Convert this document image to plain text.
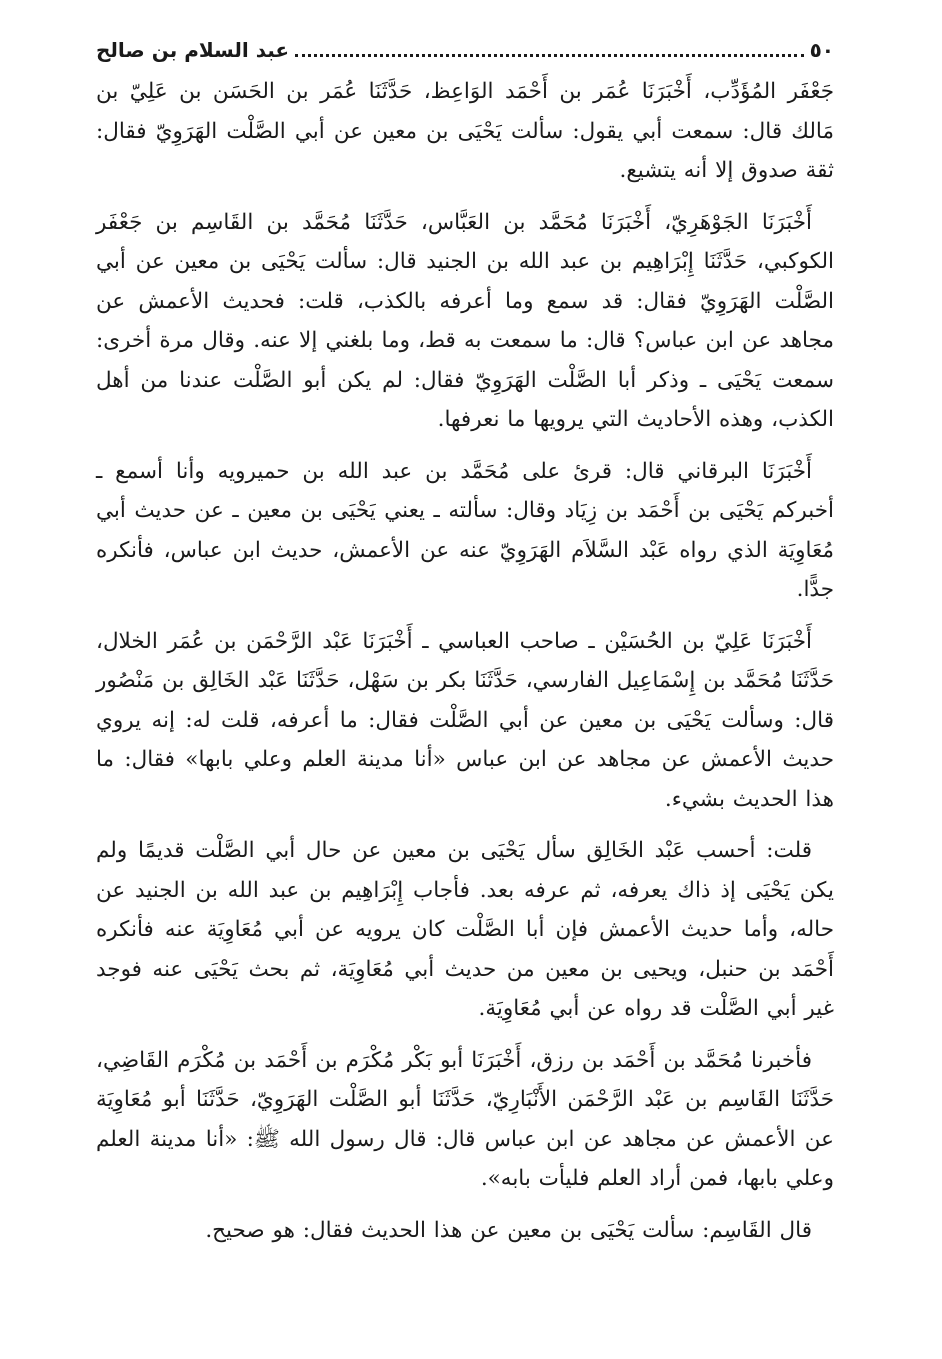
٥٠
عبد السلام بن صالح

جَعْفَر المُؤَدِّب، أَخْبَرَنَا عُمَر بن أَحْمَد الوَاعِظ، حَدَّثَنَا عُمَر بن الحَسَن بن عَلِيّ بن مَالك قال: سمعت أبي يقول: سألت يَحْيَى بن معين عن أبي الصَّلْت الهَرَوِيّ فقال: ثقة صدوق إلا أنه يتشيع.

أَخْبَرَنَا الجَوْهَرِيّ، أَخْبَرَنَا مُحَمَّد بن العَبَّاس، حَدَّثَنَا مُحَمَّد بن القَاسِم بن جَعْفَر الكوكبي، حَدَّثَنَا إِبْرَاهِيم بن عبد الله بن الجنيد قال: سألت يَحْيَى بن معين عن أبي الصَّلْت الهَرَوِيّ فقال: قد سمع وما أعرفه بالكذب، قلت: فحديث الأعمش عن مجاهد عن ابن عباس؟ قال: ما سمعت به قط، وما بلغني إلا عنه. وقال مرة أخرى: سمعت يَحْيَى ـ وذكر أبا الصَّلْت الهَرَوِيّ فقال: لم يكن أبو الصَّلْت عندنا من أهل الكذب، وهذه الأحاديث التي يرويها ما نعرفها.

أَخْبَرَنَا البرقاني قال: قرئ على مُحَمَّد بن عبد الله بن حميرويه وأنا أسمع ـ أخبركم يَحْيَى بن أَحْمَد بن زِيَاد وقال: سألته ـ يعني يَحْيَى بن معين ـ عن حديث أبي مُعَاوِيَة الذي رواه عَبْد السَّلاَم الهَرَوِيّ عنه عن الأعمش، حديث ابن عباس، فأنكره جدًّا.

أَخْبَرَنَا عَلِيّ بن الحُسَيْن ـ صاحب العباسي ـ أَخْبَرَنَا عَبْد الرَّحْمَن بن عُمَر الخلال، حَدَّثَنَا مُحَمَّد بن إِسْمَاعِيل الفارسي، حَدَّثَنَا بكر بن سَهْل، حَدَّثَنَا عَبْد الخَالِق بن مَنْصُور قال: وسألت يَحْيَى بن معين عن أبي الصَّلْت فقال: ما أعرفه، قلت له: إنه يروي حديث الأعمش عن مجاهد عن ابن عباس «أنا مدينة العلم وعلي بابها» فقال: ما هذا الحديث بشيء.

قلت: أحسب عَبْد الخَالِق سأل يَحْيَى بن معين عن حال أبي الصَّلْت قديمًا ولم يكن يَحْيَى إذ ذاك يعرفه، ثم عرفه بعد. فأجاب إِبْرَاهِيم بن عبد الله بن الجنيد عن حاله، وأما حديث الأعمش فإن أبا الصَّلْت كان يرويه عن أبي مُعَاوِيَة عنه فأنكره أَحْمَد بن حنبل، ويحيى بن معين من حديث أبي مُعَاوِيَة، ثم بحث يَحْيَى عنه فوجد غير أبي الصَّلْت قد رواه عن أبي مُعَاوِيَة.

فأخبرنا مُحَمَّد بن أَحْمَد بن رزق، أَخْبَرَنَا أبو بَكْر مُكْرَم بن أَحْمَد بن مُكْرَم القَاضِي، حَدَّثَنَا القَاسِم بن عَبْد الرَّحْمَن الأَنْبَارِيّ، حَدَّثَنَا أبو الصَّلْت الهَرَوِيّ، حَدَّثَنَا أبو مُعَاوِيَة عن الأعمش عن مجاهد عن ابن عباس قال: قال رسول الله ﷺ: «أنا مدينة العلم وعلي بابها، فمن أراد العلم فليأت بابه».

قال القَاسِم: سألت يَحْيَى بن معين عن هذا الحديث فقال: هو صحيح.
